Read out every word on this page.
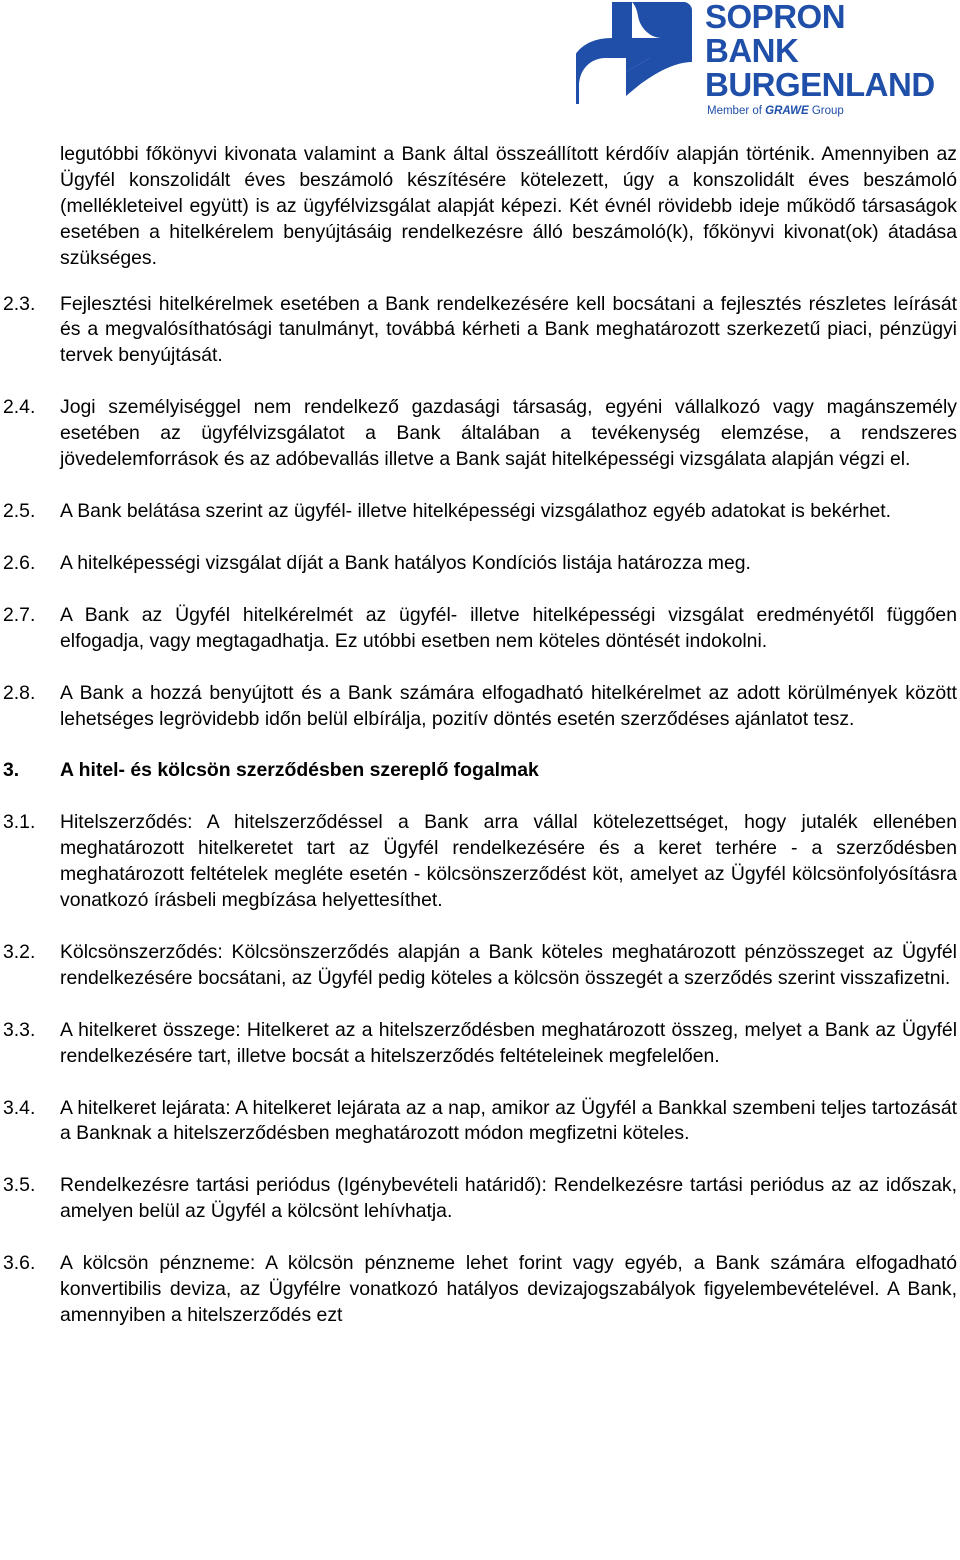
SOPRON
BANK
BURGENLAND
Member of GRAWE Group

legutóbbi főkönyvi kivonata valamint a Bank által összeállított kérdőív alapján történik. Amennyiben az Ügyfél konszolidált éves beszámoló készítésére kötelezett, úgy a konszolidált éves beszámoló (mellékleteivel együtt) is az ügyfélvizsgálat alapját képezi. Két évnél rövidebb ideje működő társaságok esetében a hitelkérelem benyújtásáig rendelkezésre álló beszámoló(k), főkönyvi kivonat(ok) átadása szükséges.

2.3. Fejlesztési hitelkérelmek esetében a Bank rendelkezésére kell bocsátani a fejlesztés részletes leírását és a megvalósíthatósági tanulmányt, továbbá kérheti a Bank meghatározott szerkezetű piaci, pénzügyi tervek benyújtását.

2.4. Jogi személyiséggel nem rendelkező gazdasági társaság, egyéni vállalkozó vagy magánszemély esetében az ügyfélvizsgálatot a Bank általában a tevékenység elemzése, a rendszeres jövedelemforrások és az adóbevallás illetve a Bank saját hitelképességi vizsgálata alapján végzi el.

2.5. A Bank belátása szerint az ügyfél- illetve hitelképességi vizsgálathoz egyéb adatokat is bekérhet.

2.6. A hitelképességi vizsgálat díját a Bank hatályos Kondíciós listája határozza meg.

2.7. A Bank az Ügyfél hitelkérelmét az ügyfél- illetve hitelképességi vizsgálat eredményétől függően elfogadja, vagy megtagadhatja. Ez utóbbi esetben nem köteles döntését indokolni.

2.8. A Bank a hozzá benyújtott és a Bank számára elfogadható hitelkérelmet az adott körülmények között lehetséges legrövidebb időn belül elbírálja, pozitív döntés esetén szerződéses ajánlatot tesz.

3. A hitel- és kölcsön szerződésben szereplő fogalmak

3.1. Hitelszerződés: A hitelszerződéssel a Bank arra vállal kötelezettséget, hogy jutalék ellenében meghatározott hitelkeretet tart az Ügyfél rendelkezésére és a keret terhére - a szerződésben meghatározott feltételek megléte esetén - kölcsönszerződést köt, amelyet az Ügyfél kölcsönfolyósításra vonatkozó írásbeli megbízása helyettesíthet.

3.2. Kölcsönszerződés: Kölcsönszerződés alapján a Bank köteles meghatározott pénzösszeget az Ügyfél rendelkezésére bocsátani, az Ügyfél pedig köteles a kölcsön összegét a szerződés szerint visszafizetni.

3.3. A hitelkeret összege: Hitelkeret az a hitelszerződésben meghatározott összeg, melyet a Bank az Ügyfél rendelkezésére tart, illetve bocsát a hitelszerződés feltételeinek megfelelően.

3.4. A hitelkeret lejárata: A hitelkeret lejárata az a nap, amikor az Ügyfél a Bankkal szembeni teljes tartozását a Banknak a hitelszerződésben meghatározott módon megfizetni köteles.

3.5. Rendelkezésre tartási periódus (Igénybevételi határidő): Rendelkezésre tartási periódus az az időszak, amelyen belül az Ügyfél a kölcsönt lehívhatja.

3.6. A kölcsön pénzneme: A kölcsön pénzneme lehet forint vagy egyéb, a Bank számára elfogadható konvertibilis deviza, az Ügyfélre vonatkozó hatályos devizajogszabályok figyelembevételével. A Bank, amennyiben a hitelszerződés ezt
